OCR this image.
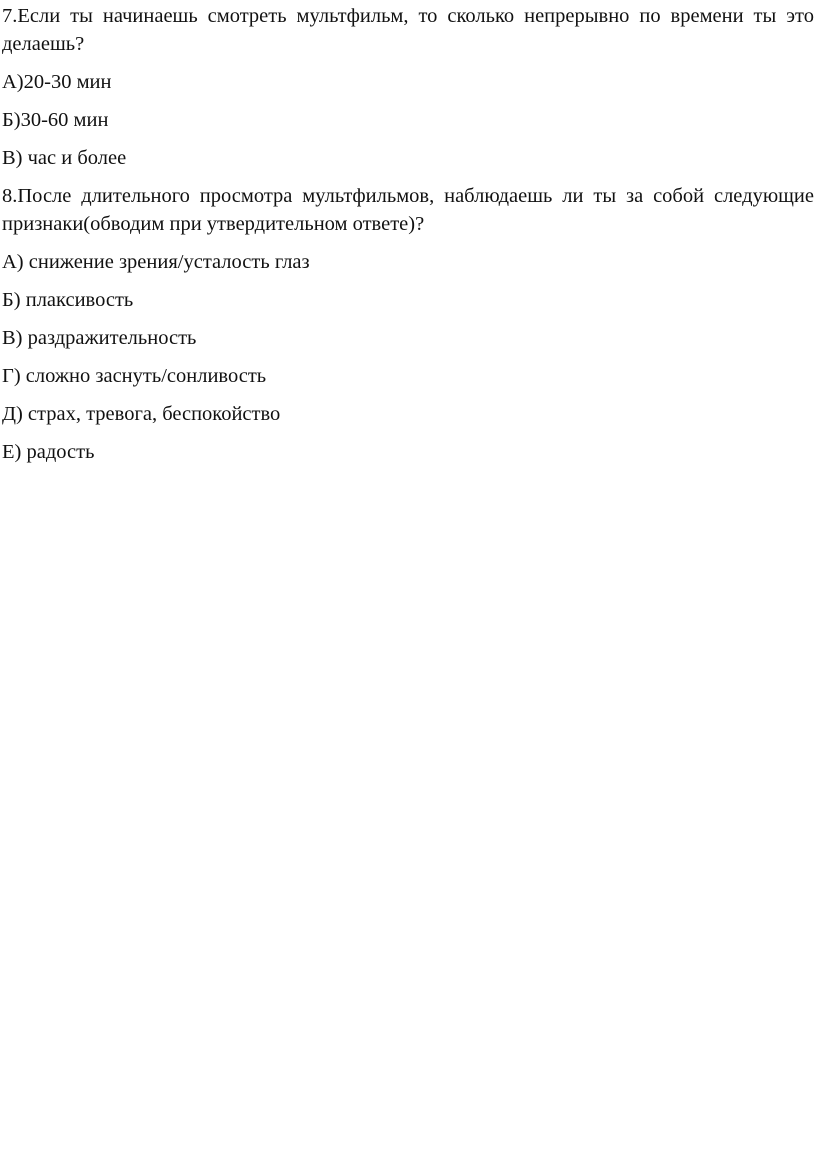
7.Если ты начинаешь смотреть мультфильм, то сколько непрерывно по времени ты это делаешь?

А)20-30 мин

Б)30-60 мин

В) час и более

8.После длительного просмотра мультфильмов, наблюдаешь ли ты за собой следующие признаки(обводим при утвердительном ответе)?

А) снижение зрения/усталость глаз

Б) плаксивость

В) раздражительность

Г) сложно заснуть/сонливость

Д) страх, тревога, беспокойство

Е) радость
